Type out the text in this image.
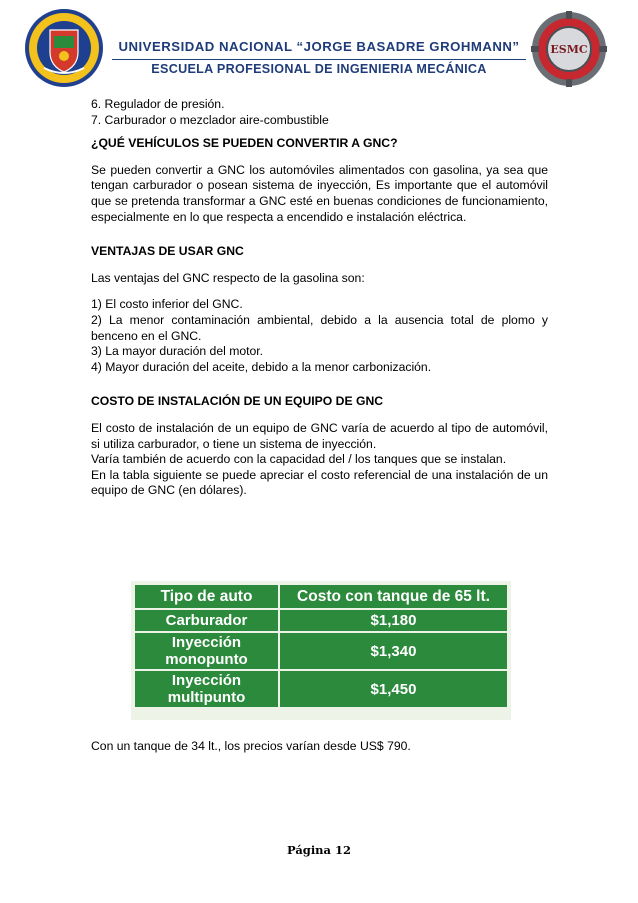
ESMC
UNIVERSIDAD NACIONAL “JORGE BASADRE GROHMANN”
ESCUELA PROFESIONAL DE INGENIERIA MECÁNICA

6. Regulador de presión.

7. Carburador o mezclador aire-combustible

¿QUÉ VEHÍCULOS SE PUEDEN CONVERTIR A GNC?

Se pueden convertir a GNC los automóviles alimentados con gasolina, ya sea que tengan carburador o posean sistema de inyección, Es importante que el automóvil que se pretenda transformar a GNC esté en buenas condiciones de funcionamiento, especialmente en lo que respecta a encendido e instalación eléctrica.

VENTAJAS DE USAR GNC

Las ventajas del GNC respecto de la gasolina son:

1) El costo inferior del GNC.

2) La menor contaminación ambiental, debido a la ausencia total de plomo y benceno en el GNC.

3) La mayor duración del motor.

4) Mayor duración del aceite, debido a la menor carbonización.

COSTO DE INSTALACIÓN DE UN EQUIPO DE GNC

El costo de instalación de un equipo de GNC varía de acuerdo al tipo de automóvil, si utiliza carburador, o tiene un sistema de inyección.

Varía también de acuerdo con la capacidad del / los tanques que se instalan.

En la tabla siguiente se puede apreciar el costo referencial de una instalación de un equipo de GNC (en dólares).

Tipo de auto	Costo con tanque de 65 lt.
Carburador	$1,180
Inyección
monopunto	$1,340
Inyección
multipunto	$1,450
Con un tanque de 34 lt., los precios varían desde US$ 790.
Página 12
